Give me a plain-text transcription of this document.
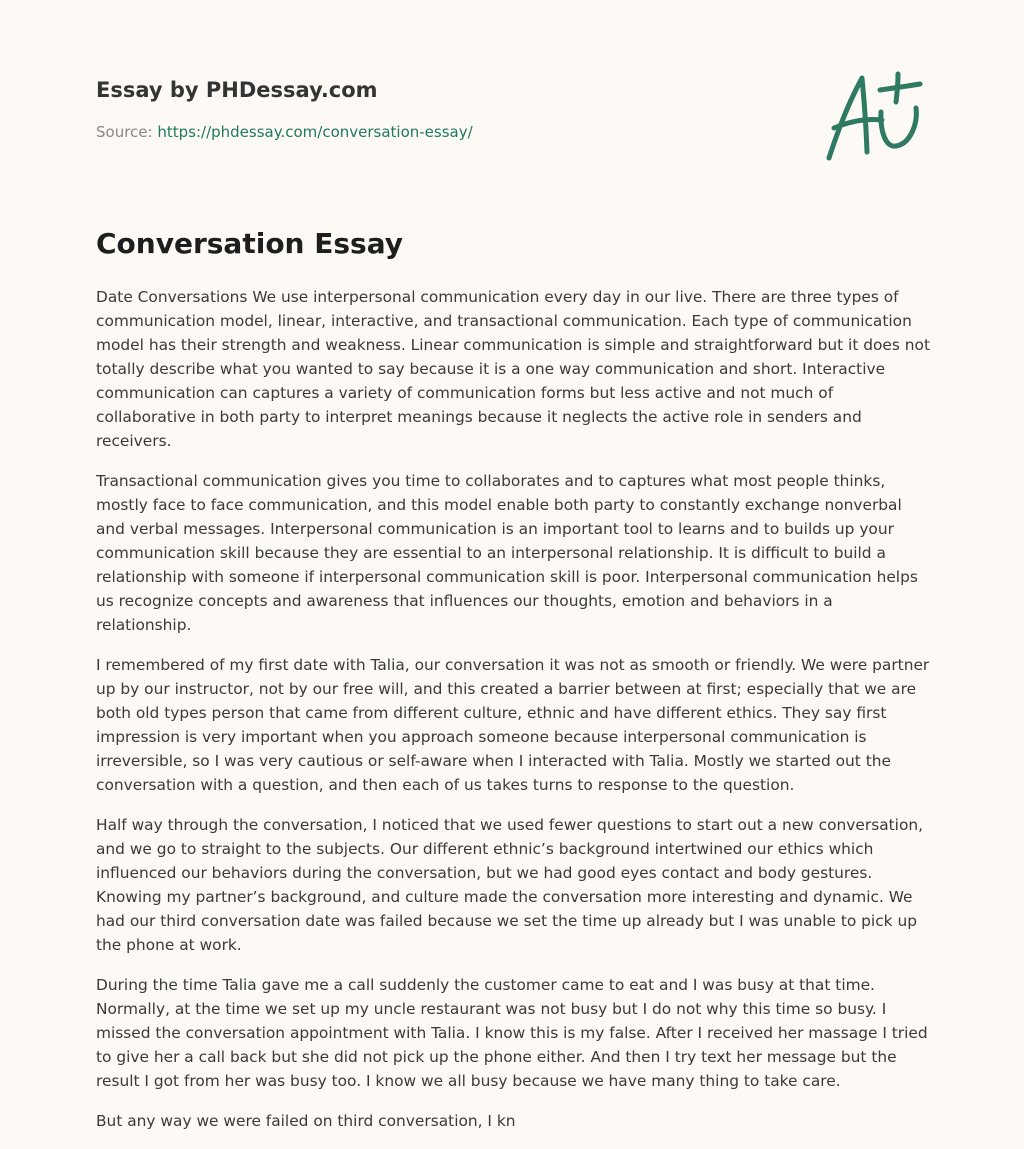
Essay by PHDessay.com
Source: https://phdessay.com/conversation-essay/
Conversation Essay

Date Conversations We use interpersonal communication every day in our live. There are three types of communication model, linear, interactive, and transactional communication. Each type of communication model has their strength and weakness. Linear communication is simple and straightforward but it does not totally describe what you wanted to say because it is a one way communication and short. Interactive communication can captures a variety of communication forms but less active and not much of collaborative in both party to interpret meanings because it neglects the active role in senders and receivers.

Transactional communication gives you time to collaborates and to captures what most people thinks, mostly face to face communication, and this model enable both party to constantly exchange nonverbal and verbal messages. Interpersonal communication is an important tool to learns and to builds up your communication skill because they are essential to an interpersonal relationship. It is difficult to build a relationship with someone if interpersonal communication skill is poor. Interpersonal communication helps us recognize concepts and awareness that influences our thoughts, emotion and behaviors in a relationship.

I remembered of my first date with Talia, our conversation it was not as smooth or friendly. We were partner up by our instructor, not by our free will, and this created a barrier between at first; especially that we are both old types person that came from different culture, ethnic and have different ethics. They say first impression is very important when you approach someone because interpersonal communication is irreversible, so I was very cautious or self-aware when I interacted with Talia. Mostly we started out the conversation with a question, and then each of us takes turns to response to the question.

Half way through the conversation, I noticed that we used fewer questions to start out a new conversation, and we go to straight to the subjects. Our different ethnic’s background intertwined our ethics which influenced our behaviors during the conversation, but we had good eyes contact and body gestures. Knowing my partner’s background, and culture made the conversation more interesting and dynamic. We had our third conversation date was failed because we set the time up already but I was unable to pick up the phone at work.

During the time Talia gave me a call suddenly the customer came to eat and I was busy at that time. Normally, at the time we set up my uncle restaurant was not busy but I do not why this time so busy. I missed the conversation appointment with Talia. I know this is my false. After I received her massage I tried to give her a call back but she did not pick up the phone either. And then I try text her message but the result I got from her was busy too. I know we all busy because we have many thing to take care.

But any way we were failed on third conversation, I kn
